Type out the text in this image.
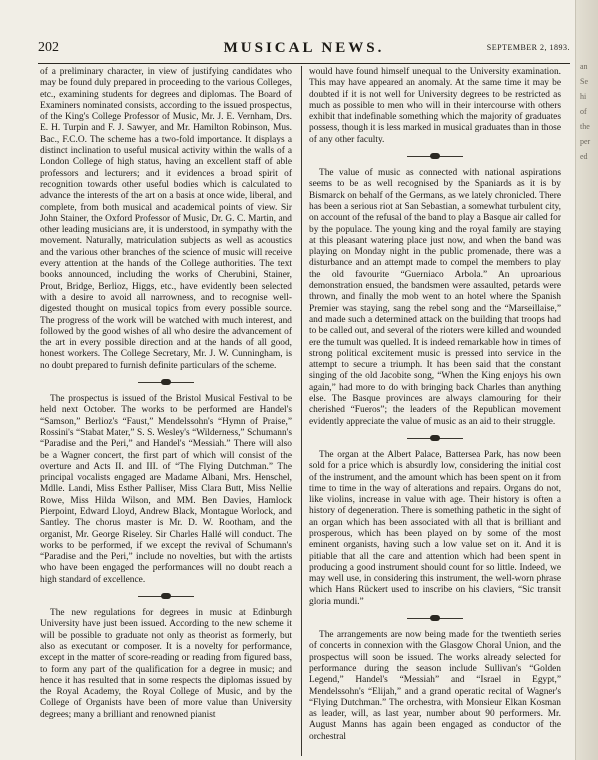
202	MUSICAL NEWS.	SEPTEMBER 2, 1893.

of a preliminary character, in view of justifying candidates who may be found duly prepared in proceeding to the various Colleges, etc., examining students for degrees and diplomas. The Board of Examiners nominated consists, according to the issued prospectus, of the King's College Professor of Music, Mr. J. E. Vernham, Drs. E. H. Turpin and F. J. Sawyer, and Mr. Hamilton Robinson, Mus. Bac., F.C.O. The scheme has a two-fold importance. It displays a distinct inclination to useful musical activity within the walls of a London College of high status, having an excellent staff of able professors and lecturers; and it evidences a broad spirit of recognition towards other useful bodies which is calculated to advance the interests of the art on a basis at once wide, liberal, and complete, from both musical and academical points of view. Sir John Stainer, the Oxford Professor of Music, Dr. G. C. Martin, and other leading musicians are, it is understood, in sympathy with the movement. Naturally, matriculation subjects as well as acoustics and the various other branches of the science of music will receive every attention at the hands of the College authorities. The text books announced, including the works of Cherubini, Stainer, Prout, Bridge, Berlioz, Higgs, etc., have evidently been selected with a desire to avoid all narrowness, and to recognise well-digested thought on musical topics from every possible source. The progress of the work will be watched with much interest, and followed by the good wishes of all who desire the advancement of the art in every possible direction and at the hands of all good, honest workers. The College Secretary, Mr. J. W. Cunningham, is no doubt prepared to furnish definite particulars of the scheme.

The prospectus is issued of the Bristol Musical Festival to be held next October. The works to be performed are Handel's “Samson,” Berlioz's “Faust,” Mendelssohn's “Hymn of Praise,” Rossini's “Stabat Mater,” S. S. Wesley's “Wilderness,” Schumann's “Paradise and the Peri,” and Handel's “Messiah.” There will also be a Wagner concert, the first part of which will consist of the overture and Acts II. and III. of “The Flying Dutchman.” The principal vocalists engaged are Madame Albani, Mrs. Henschel, Mdlle. Landi, Miss Esther Palliser, Miss Clara Butt, Miss Nellie Rowe, Miss Hilda Wilson, and MM. Ben Davies, Hamlock Pierpoint, Edward Lloyd, Andrew Black, Montague Worlock, and Santley. The chorus master is Mr. D. W. Rootham, and the organist, Mr. George Riseley. Sir Charles Hallé will conduct. The works to be performed, if we except the revival of Schumann's “Paradise and the Peri,” include no novelties, but with the artists who have been engaged the performances will no doubt reach a high standard of excellence.

The new regulations for degrees in music at Edinburgh University have just been issued. According to the new scheme it will be possible to graduate not only as theorist as formerly, but also as executant or composer. It is a novelty for performance, except in the matter of score-reading or reading from figured bass, to form any part of the qualification for a degree in music; and hence it has resulted that in some respects the diplomas issued by the Royal Academy, the Royal College of Music, and by the College of Organists have been of more value than University degrees; many a brilliant and renowned pianist

would have found himself unequal to the University examination. This may have appeared an anomaly. At the same time it may be doubted if it is not well for University degrees to be restricted as much as possible to men who will in their intercourse with others exhibit that indefinable something which the majority of graduates possess, though it is less marked in musical graduates than in those of any other faculty.

The value of music as connected with national aspirations seems to be as well recognised by the Spaniards as it is by Bismarck on behalf of the Germans, as we lately chronicled. There has been a serious riot at San Sebastian, a somewhat turbulent city, on account of the refusal of the band to play a Basque air called for by the populace. The young king and the royal family are staying at this pleasant watering place just now, and when the band was playing on Monday night in the public promenade, there was a disturbance and an attempt made to compel the members to play the old favourite “Guerniaco Arbola.” An uproarious demonstration ensued, the bandsmen were assaulted, petards were thrown, and finally the mob went to an hotel where the Spanish Premier was staying, sang the rebel song and the “Marseillaise,” and made such a determined attack on the building that troops had to be called out, and several of the rioters were killed and wounded ere the tumult was quelled. It is indeed remarkable how in times of strong political excitement music is pressed into service in the attempt to secure a triumph. It has been said that the constant singing of the old Jacobite song, “When the King enjoys his own again,” had more to do with bringing back Charles than anything else. The Basque provinces are always clamouring for their cherished “Fueros”; the leaders of the Republican movement evidently appreciate the value of music as an aid to their struggle.

The organ at the Albert Palace, Battersea Park, has now been sold for a price which is absurdly low, considering the initial cost of the instrument, and the amount which has been spent on it from time to time in the way of alterations and repairs. Organs do not, like violins, increase in value with age. Their history is often a history of degeneration. There is something pathetic in the sight of an organ which has been associated with all that is brilliant and prosperous, which has been played on by some of the most eminent organists, having such a low value set on it. And it is pitiable that all the care and attention which had been spent in producing a good instrument should count for so little. Indeed, we may well use, in considering this instrument, the well-worn phrase which Hans Rückert used to inscribe on his claviers, “Sic transit gloria mundi.”

The arrangements are now being made for the twentieth series of concerts in connexion with the Glasgow Choral Union, and the prospectus will soon be issued. The works already selected for performance during the season include Sullivan's “Golden Legend,” Handel's “Messiah” and “Israel in Egypt,” Mendelssohn's “Elijah,” and a grand operatic recital of Wagner's “Flying Dutchman.” The orchestra, with Monsieur Elkan Kosman as leader, will, as last year, number about 90 performers. Mr. August Manns has again been engaged as conductor of the orchestral

an
Se
hi
of
the
per
ed
